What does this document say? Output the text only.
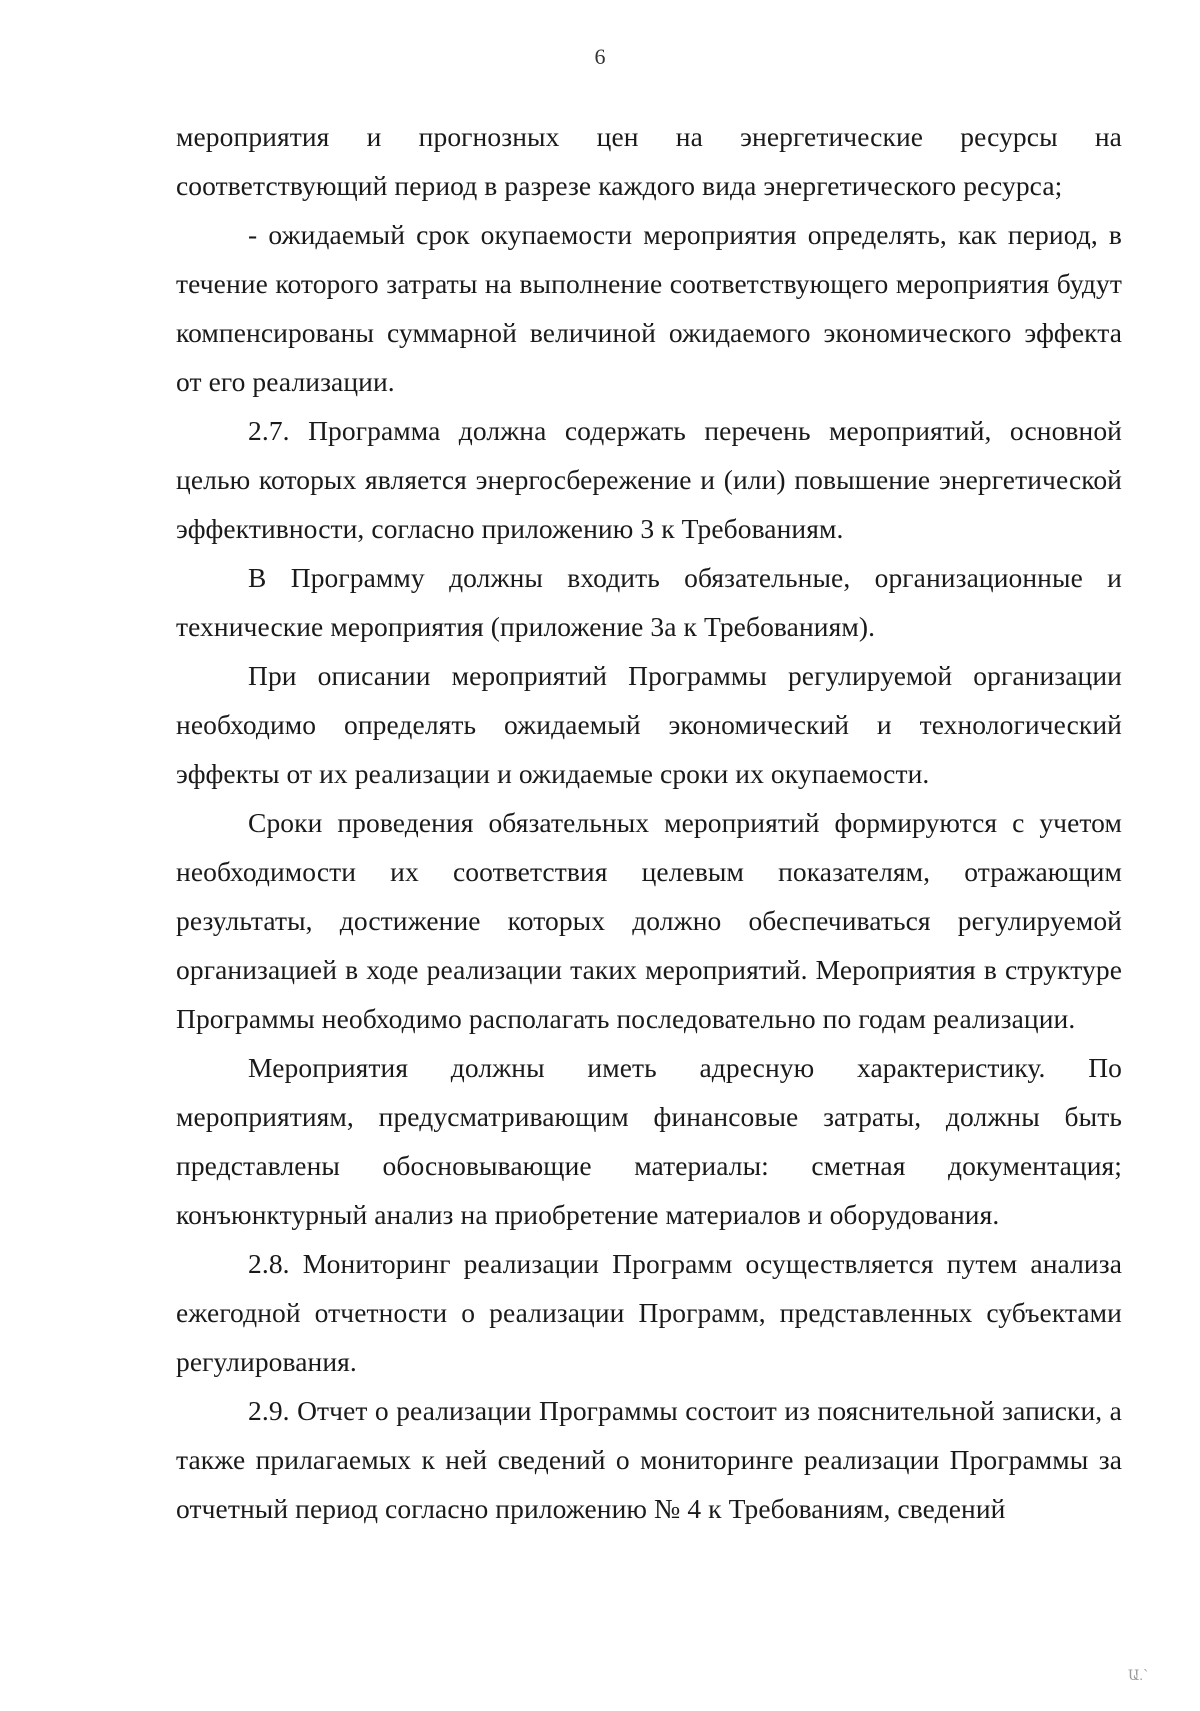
6

мероприятия и прогнозных цен на энергетические ресурсы на соответствующий период в разрезе каждого вида энергетического ресурса;

- ожидаемый срок окупаемости мероприятия определять, как период, в течение которого затраты на выполнение соответствующего мероприятия будут компенсированы суммарной величиной ожидаемого экономического эффекта от его реализации.

2.7. Программа должна содержать перечень мероприятий, основной целью которых является энергосбережение и (или) повышение энергетической эффективности, согласно приложению 3 к Требованиям.

В Программу должны входить обязательные, организационные и технические мероприятия (приложение 3а к Требованиям).

При описании мероприятий Программы регулируемой организации необходимо определять ожидаемый экономический и технологический эффекты от их реализации и ожидаемые сроки их окупаемости.

Сроки проведения обязательных мероприятий формируются с учетом необходимости их соответствия целевым показателям, отражающим результаты, достижение которых должно обеспечиваться регулируемой организацией в ходе реализации таких мероприятий. Мероприятия в структуре Программы необходимо располагать последовательно по годам реализации.

Мероприятия должны иметь адресную характеристику. По мероприятиям, предусматривающим финансовые затраты, должны быть представлены обосновывающие материалы: сметная документация; конъюнктурный анализ на приобретение материалов и оборудования.

2.8. Мониторинг реализации Программ осуществляется путем анализа ежегодной отчетности о реализации Программ, представленных субъектами регулирования.

2.9. Отчет о реализации Программы состоит из пояснительной записки, а также прилагаемых к ней сведений о мониторинге реализации Программы за отчетный период согласно приложению № 4 к Требованиям, сведений

Ա.՝
